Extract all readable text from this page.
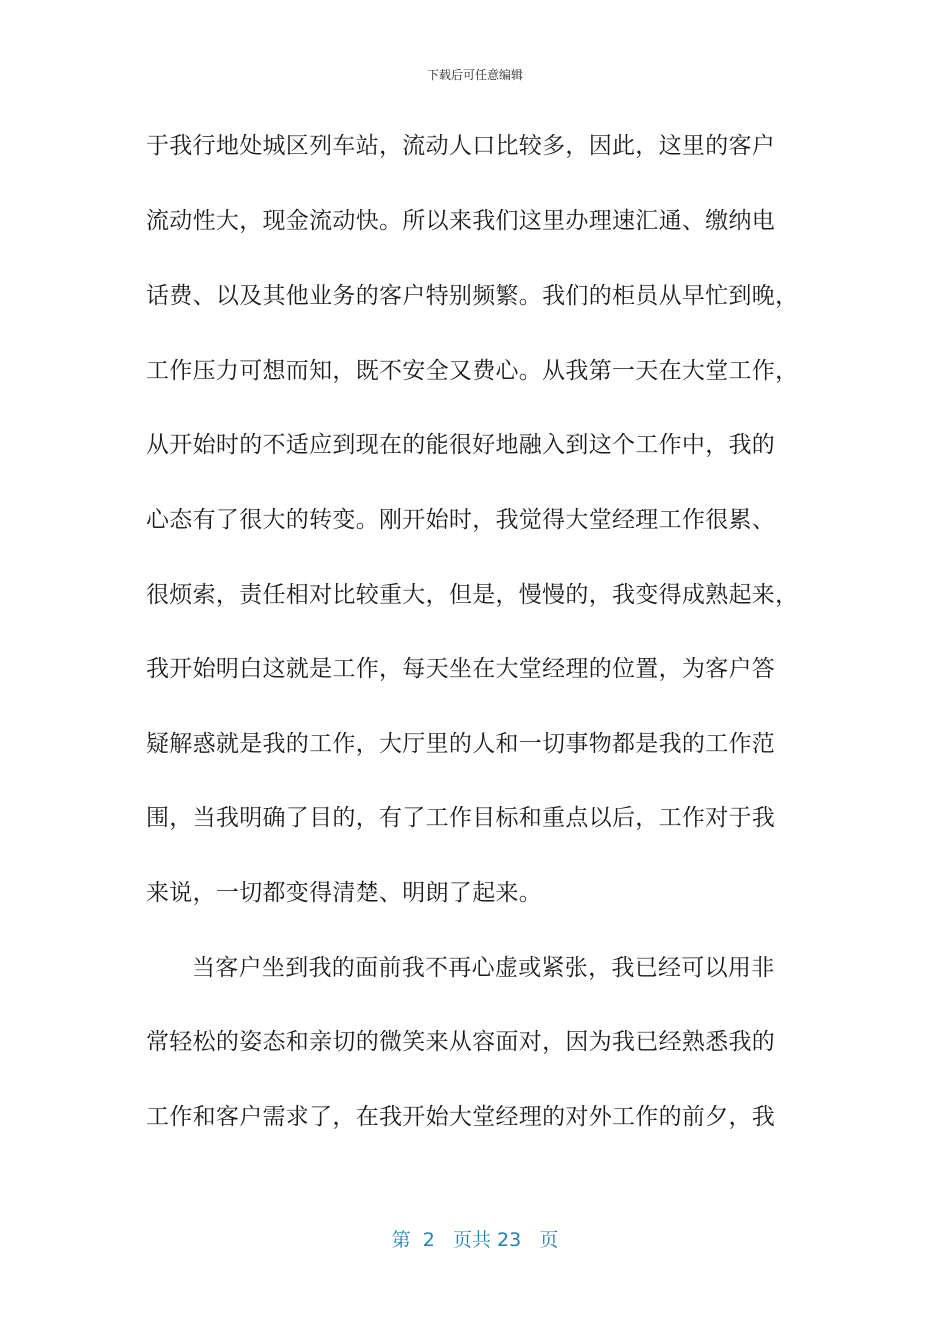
下载后可任意编辑
于我行地处城区列车站，流动人口比较多，因此，这里的客户
流动性大，现金流动快。所以来我们这里办理速汇通、缴纳电
话费、以及其他业务的客户特别频繁。我们的柜员从早忙到晚，
工作压力可想而知，既不安全又费心。从我第一天在大堂工作，
从开始时的不适应到现在的能很好地融入到这个工作中，我的
心态有了很大的转变。刚开始时，我觉得大堂经理工作很累、
很烦索，责任相对比较重大，但是，慢慢的，我变得成熟起来，
我开始明白这就是工作，每天坐在大堂经理的位置，为客户答
疑解惑就是我的工作，大厅里的人和一切事物都是我的工作范
围，当我明确了目的，有了工作目标和重点以后，工作对于我
来说，一切都变得清楚、明朗了起来。
当客户坐到我的面前我不再心虚或紧张，我已经可以用非
常轻松的姿态和亲切的微笑来从容面对，因为我已经熟悉我的
工作和客户需求了，在我开始大堂经理的对外工作的前夕，我
第 2 页共 23 页
